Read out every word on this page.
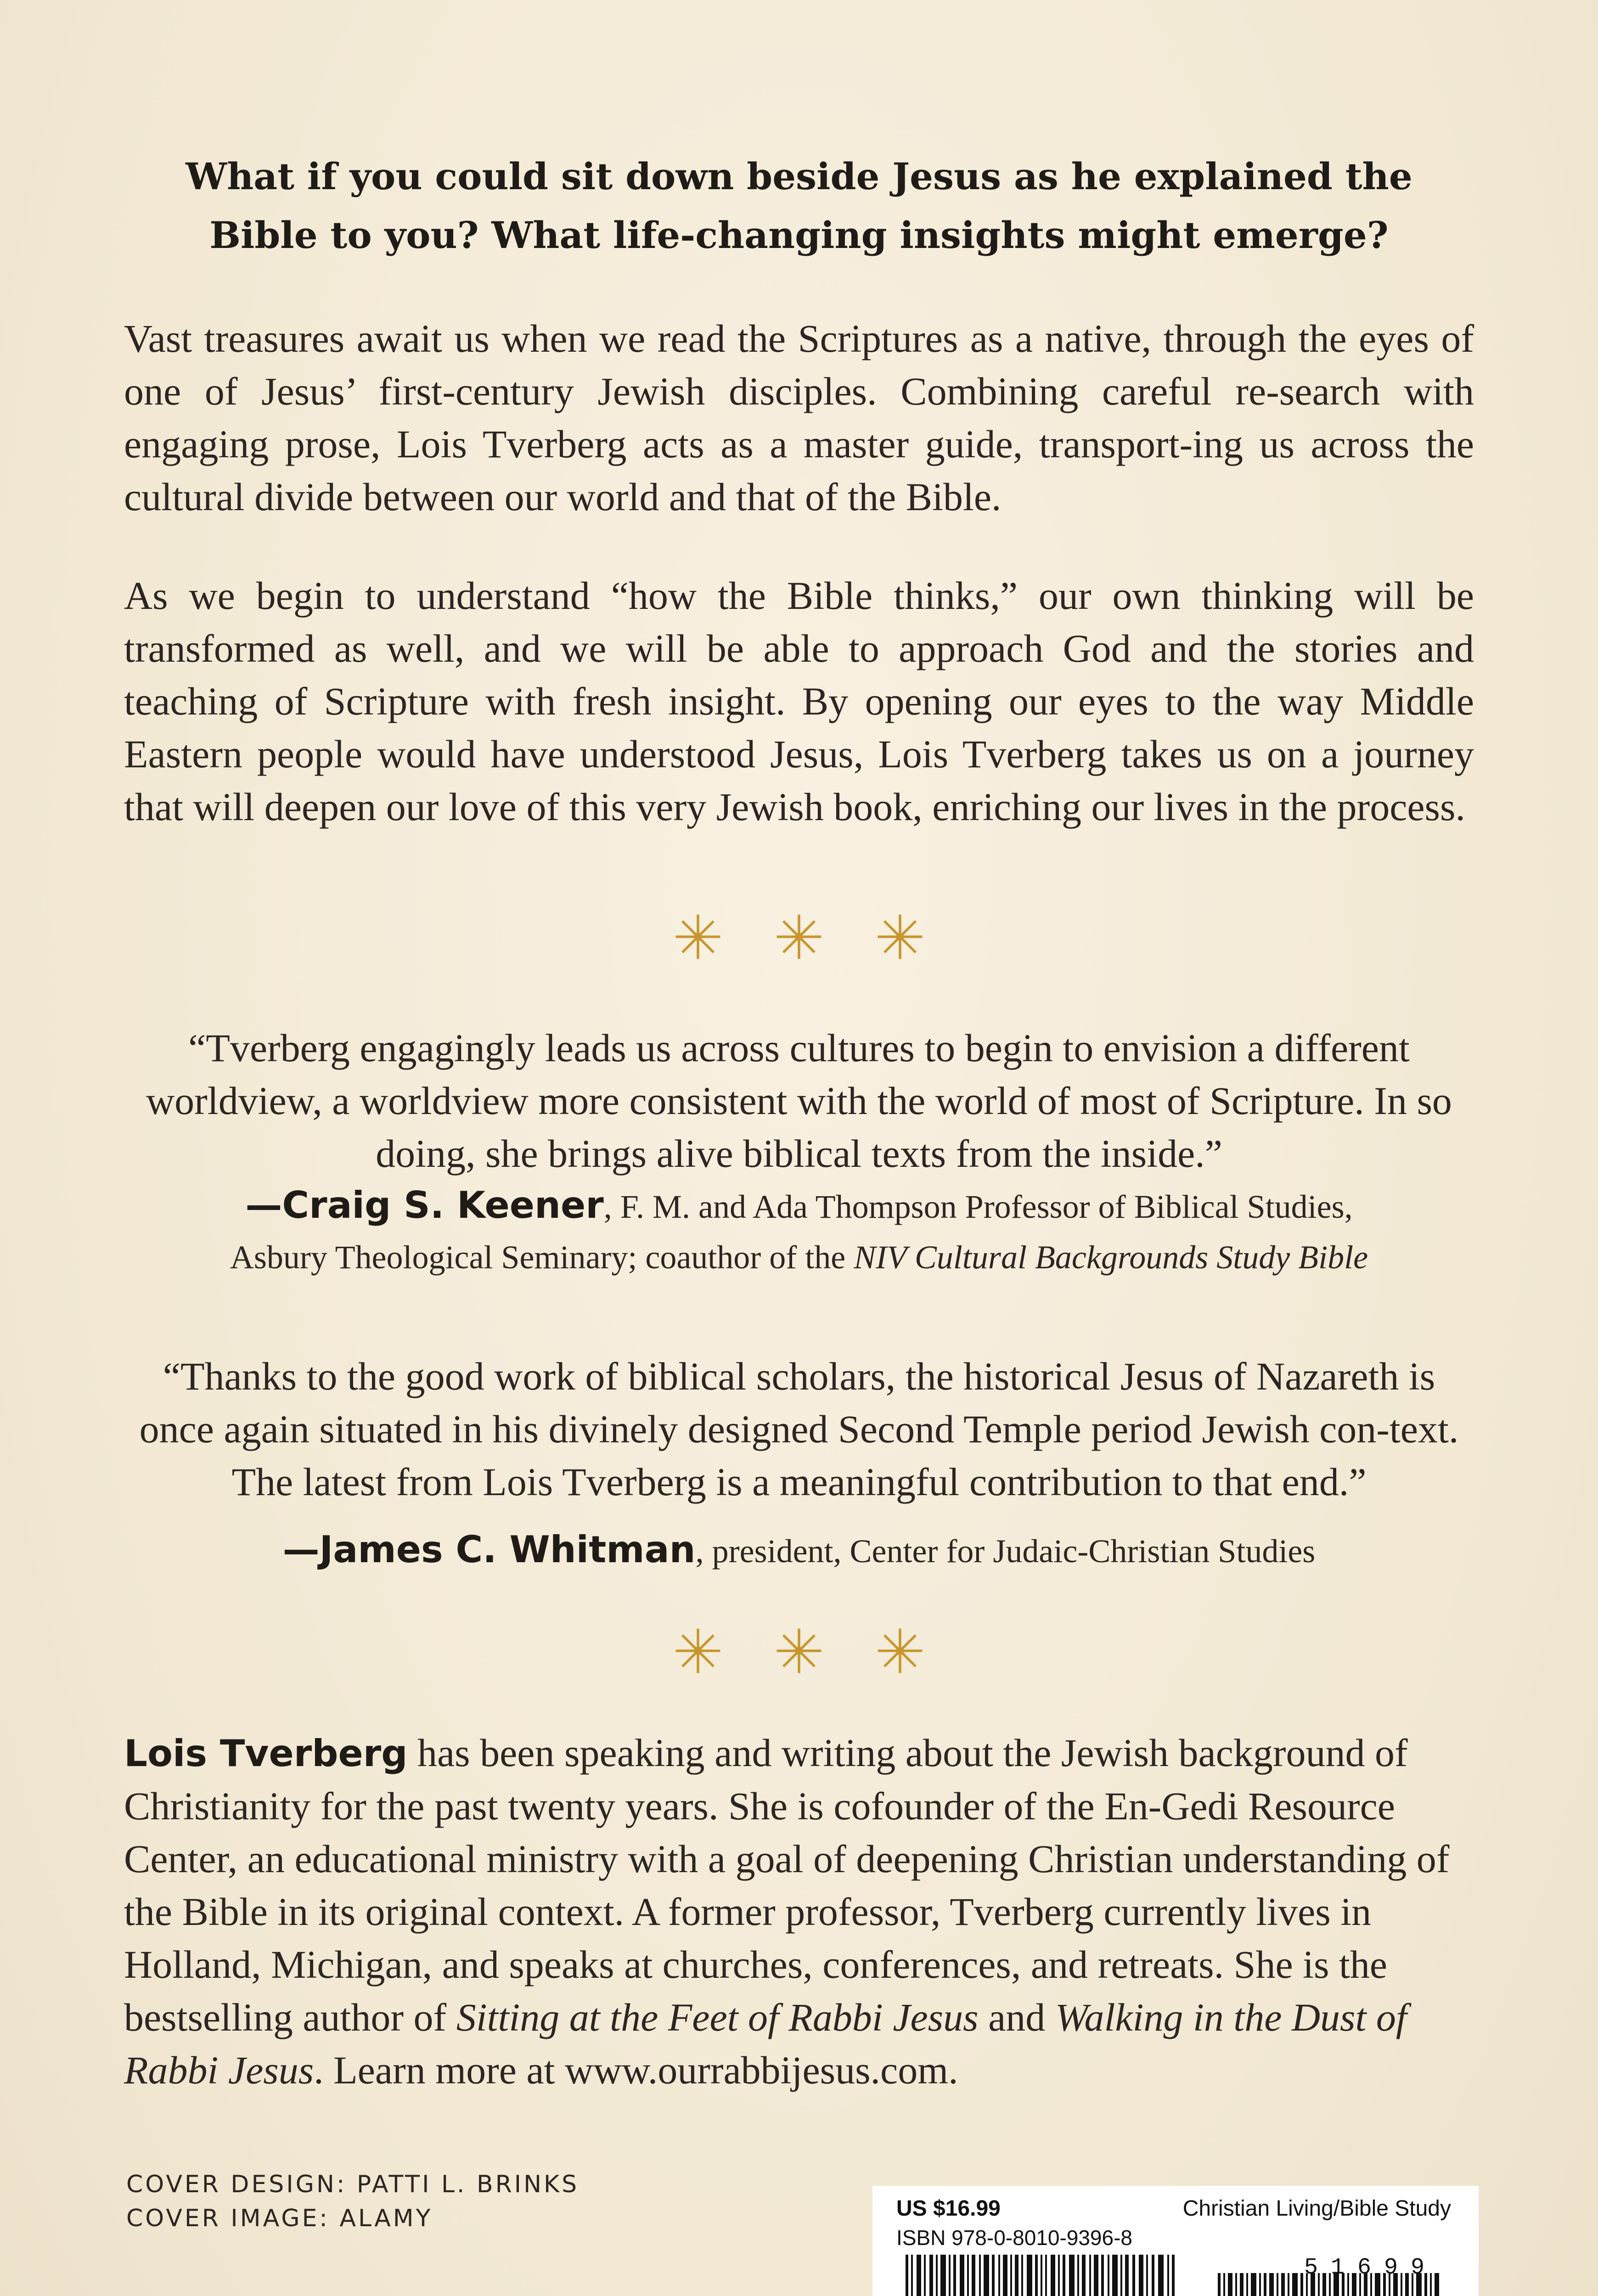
What if you could sit down beside Jesus as he explained the Bible to you? What life-changing insights might emerge?
Vast treasures await us when we read the Scriptures as a native, through the eyes of one of Jesus’ first-century Jewish disciples. Combining careful re-search with engaging prose, Lois Tverberg acts as a master guide, transport-ing us across the cultural divide between our world and that of the Bible.
As we begin to understand “how the Bible thinks,” our own thinking will be transformed as well, and we will be able to approach God and the stories and teaching of Scripture with fresh insight. By opening our eyes to the way Middle Eastern people would have understood Jesus, Lois Tverberg takes us on a journey that will deepen our love of this very Jewish book, enriching our lives in the process.
“Tverberg engagingly leads us across cultures to begin to envision a different worldview, a worldview more consistent with the world of most of Scripture. In so doing, she brings alive biblical texts from the inside.”
—Craig S. Keener, F. M. and Ada Thompson Professor of Biblical Studies,
Asbury Theological Seminary; coauthor of the NIV Cultural Backgrounds Study Bible
“Thanks to the good work of biblical scholars, the historical Jesus of Nazareth is once again situated in his divinely designed Second Temple period Jewish con-text. The latest from Lois Tverberg is a meaningful contribution to that end.”
—James C. Whitman, president, Center for Judaic-Christian Studies
Lois Tverberg has been speaking and writing about the Jewish background of Christianity for the past twenty years. She is cofounder of the En-Gedi Resource Center, an educational ministry with a goal of deepening Christian understanding of the Bible in its original context. A former professor, Tverberg currently lives in Holland, Michigan, and speaks at churches, conferences, and retreats. She is the bestselling author of Sitting at the Feet of Rabbi Jesus and Walking in the Dust of Rabbi Jesus. Learn more at www.ourrabbijesus.com.
COVER DESIGN: PATTI L. BRINKS
COVER IMAGE: ALAMY	US $16.99	Christian Living/Bible Study
ISBN 978-0-8010-9396-8
51699
